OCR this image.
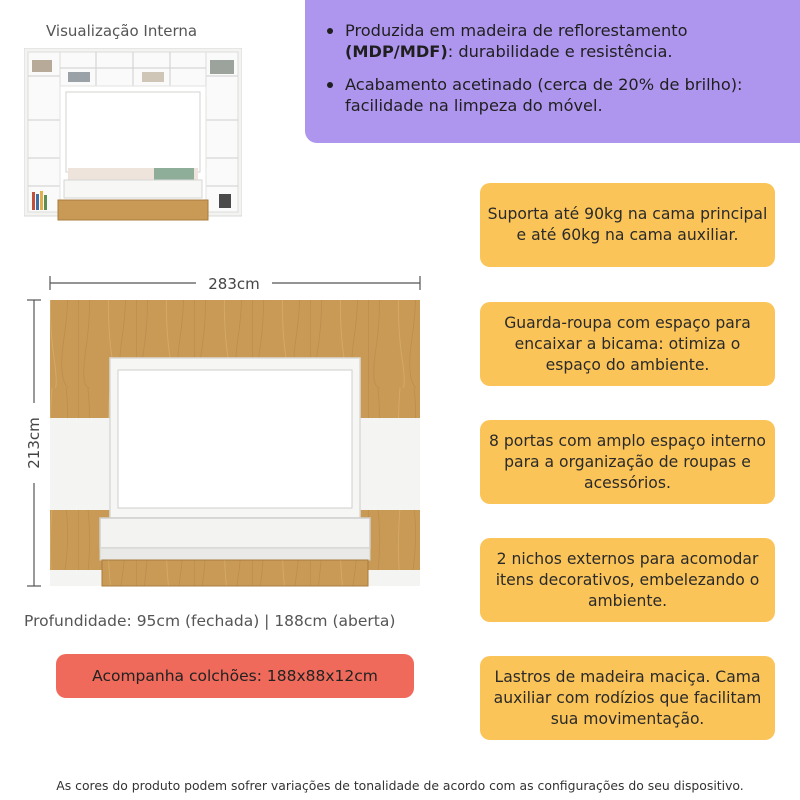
Visualização Interna	Produzida em madeira de reflorestamento (MDP/MDF): durabilidade e resistência.
Acabamento acetinado (cerca de 20% de brilho): facilidade na limpeza do móvel.
Suporta até 90kg na cama principal e até 60kg na cama auxiliar.
Guarda-roupa com espaço para encaixar a bicama: otimiza o espaço do ambiente.
8 portas com amplo espaço interno para a organização de roupas e acessórios.
2 nichos externos para acomodar itens decorativos, embelezando o ambiente.
Lastros de madeira maciça. Cama auxiliar com rodízios que facilitam sua movimentação.
283cm
213cm
Profundidade: 95cm (fechada) | 188cm (aberta)
Acompanha colchões: 188x88x12cm
As cores do produto podem sofrer variações de tonalidade de acordo com as configurações do seu dispositivo.
